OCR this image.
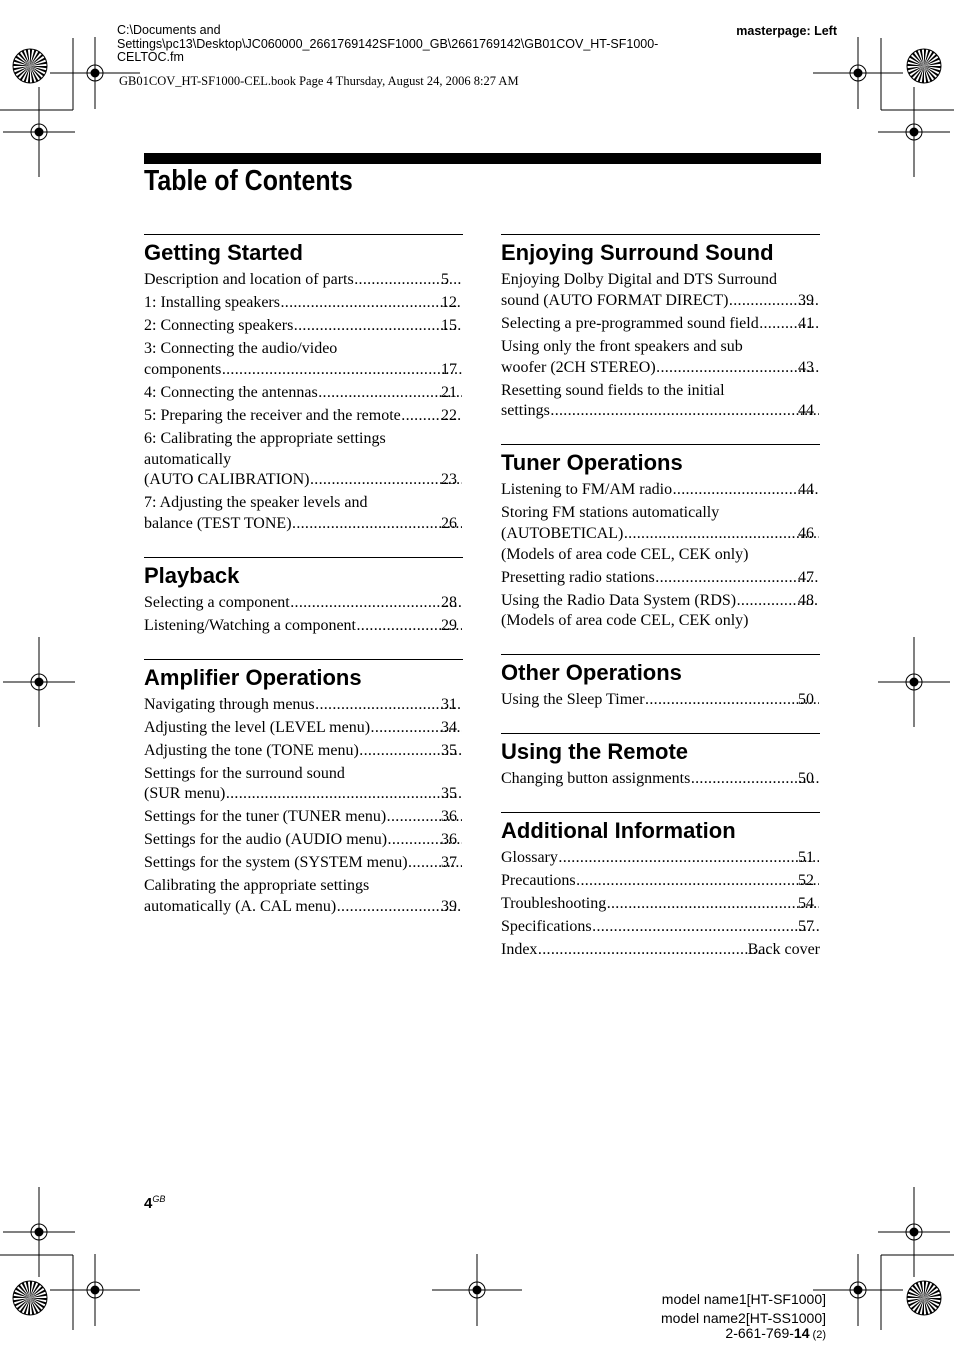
C:\Documents and
Settings\pc13\Desktop\JC060000_2661769142SF1000_GB\2661769142\GB01COV_HT-SF1000-
CELTOC.fm
masterpage: Left
GB01COV_HT-SF1000-CEL.book Page 4 Thursday, August 24, 2006 8:27 AM
Table of Contents
Getting Started
Description and location of parts .....	5
1: Installing speakers .....	12
2: Connecting speakers .....	15
3: Connecting the audio/video
components .....	17
4: Connecting the antennas .....	21
5: Preparing the receiver and the remote .....	22
6: Calibrating the appropriate settings
automatically
(AUTO CALIBRATION) .....	23
7: Adjusting the speaker levels and
balance (TEST TONE) .....	26
Playback
Selecting a component .....	28
Listening/Watching a component .....	29
Amplifier Operations
Navigating through menus .....	31
Adjusting the level (LEVEL menu) .....	34
Adjusting the tone (TONE menu) .....	35
Settings for the surround sound
(SUR menu) .....	35
Settings for the tuner (TUNER menu) .....	36
Settings for the audio (AUDIO menu) .....	36
Settings for the system (SYSTEM menu) ..... 37
Calibrating the appropriate settings
automatically (A. CAL menu) .....	39
Enjoying Surround Sound
Enjoying Dolby Digital and DTS Surround
sound (AUTO FORMAT DIRECT) .....	39
Selecting a pre-programmed sound field ..... 41
Using only the front speakers and sub
woofer (2CH STEREO) .....	43
Resetting sound fields to the initial
settings .....	44
Tuner Operations
Listening to FM/AM radio .....	44
Storing FM stations automatically
(AUTOBETICAL) .....	46
(Models of area code CEL, CEK only)
Presetting radio stations .....	47
Using the Radio Data System (RDS) .....	48
(Models of area code CEL, CEK only)
Other Operations
Using the Sleep Timer .....	50
Using the Remote
Changing button assignments .....	50
Additional Information
Glossary .....	51
Precautions .....	52
Troubleshooting .....	54
Specifications .....	57
Index .....	Back cover
$4^{GB}$
model name1[HT-SF1000]
model name2[HT-SS1000]
2-661-769-14 (2)
